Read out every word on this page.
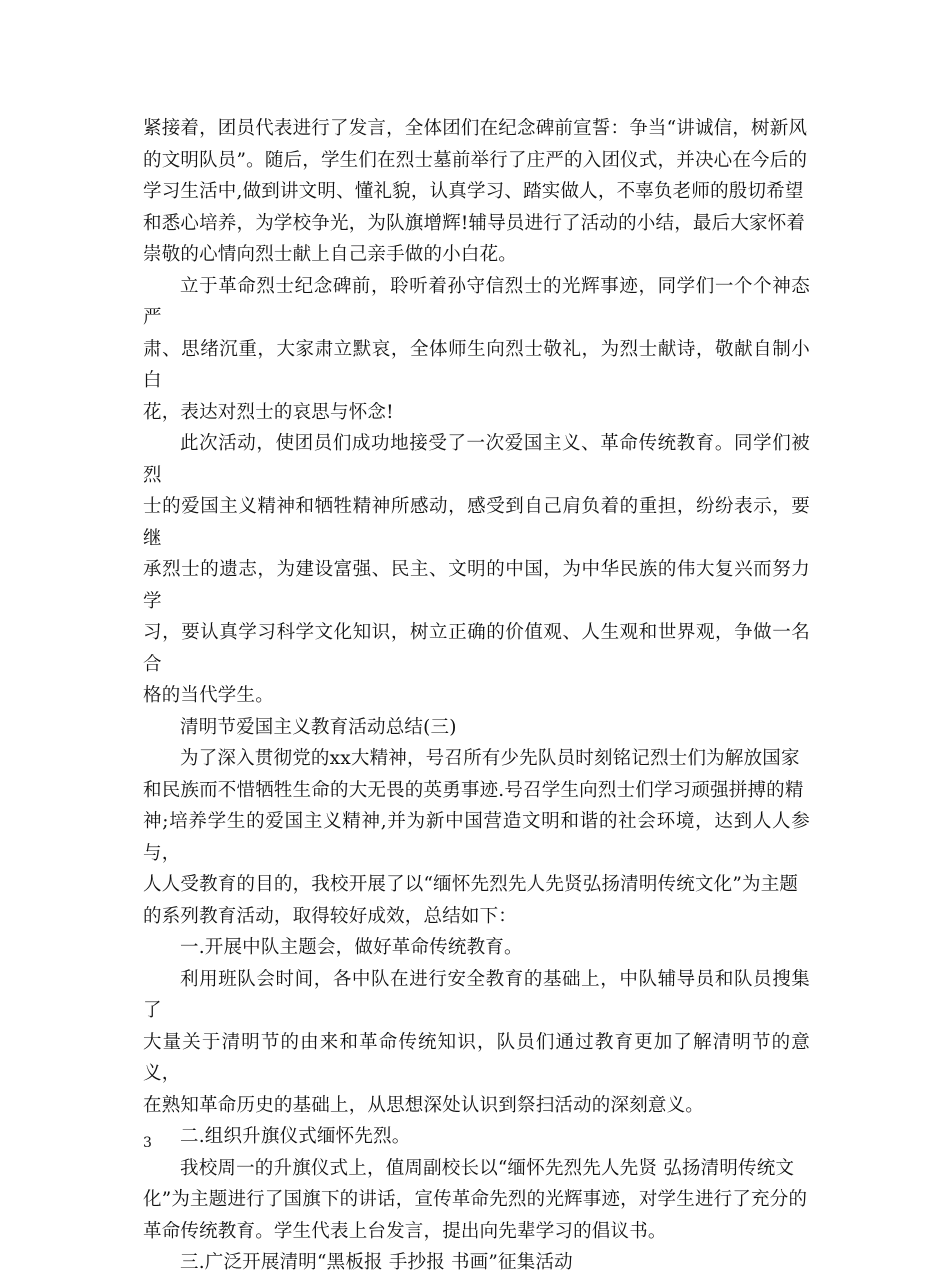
紧接着，团员代表进行了发言，全体团们在纪念碑前宣誓：争当“讲诚信，树新风
的文明队员”。随后，学生们在烈士墓前举行了庄严的入团仪式，并决心在今后的
学习生活中,做到讲文明、懂礼貌，认真学习、踏实做人，不辜负老师的殷切希望
和悉心培养，为学校争光，为队旗增辉!辅导员进行了活动的小结，最后大家怀着
崇敬的心情向烈士献上自己亲手做的小白花。

立于革命烈士纪念碑前，聆听着孙守信烈士的光辉事迹，同学们一个个神态严
肃、思绪沉重，大家肃立默哀，全体师生向烈士敬礼，为烈士献诗，敬献自制小白
花，表达对烈士的哀思与怀念!

此次活动，使团员们成功地接受了一次爱国主义、革命传统教育。同学们被烈
士的爱国主义精神和牺牲精神所感动，感受到自己肩负着的重担，纷纷表示，要继
承烈士的遗志，为建设富强、民主、文明的中国，为中华民族的伟大复兴而努力学
习，要认真学习科学文化知识，树立正确的价值观、人生观和世界观，争做一名合
格的当代学生。

清明节爱国主义教育活动总结(三)

为了深入贯彻党的xx大精神，号召所有少先队员时刻铭记烈士们为解放国家
和民族而不惜牺牲生命的大无畏的英勇事迹.号召学生向烈士们学习顽强拼搏的精
神;培养学生的爱国主义精神,并为新中国营造文明和谐的社会环境，达到人人参与，
人人受教育的目的，我校开展了以“缅怀先烈先人先贤弘扬清明传统文化”为主题
的系列教育活动，取得较好成效，总结如下：

一.开展中队主题会，做好革命传统教育。

利用班队会时间，各中队在进行安全教育的基础上，中队辅导员和队员搜集了
大量关于清明节的由来和革命传统知识，队员们通过教育更加了解清明节的意义，
在熟知革命历史的基础上，从思想深处认识到祭扫活动的深刻意义。

二.组织升旗仪式缅怀先烈。

我校周一的升旗仪式上，值周副校长以“缅怀先烈先人先贤 弘扬清明传统文
化”为主题进行了国旗下的讲话，宣传革命先烈的光辉事迹，对学生进行了充分的
革命传统教育。学生代表上台发言，提出向先辈学习的倡议书。

三.广泛开展清明“黑板报 手抄报 书画”征集活动

3
